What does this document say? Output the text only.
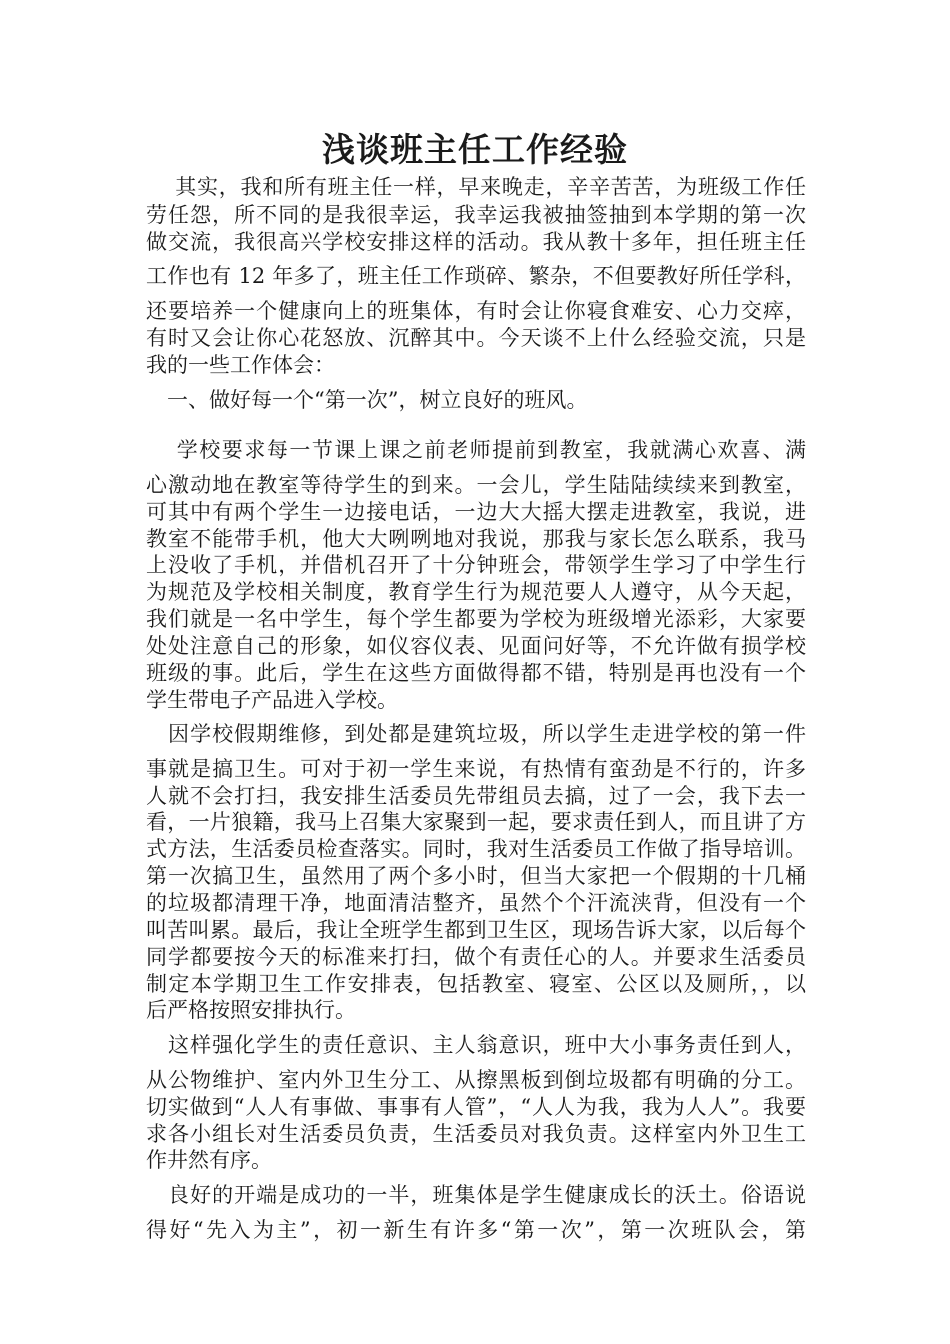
浅谈班主任工作经验
　 其实，我和所有班主任一样，早来晚走，辛辛苦苦，为班级工作任
劳任怨，所不同的是我很幸运，我幸运我被抽签抽到本学期的第一次
做交流，我很高兴学校安排这样的活动。我从教十多年，担任班主任
工作也有 12 年多了，班主任工作琐碎、繁杂，不但要教好所任学科，
还要培养一个健康向上的班集体，有时会让你寝食难安、心力交瘁，
有时又会让你心花怒放、沉醉其中。今天谈不上什么经验交流，只是
我的一些工作体会：
　一、做好每一个“第一次”，树立良好的班风。
　 学校要求每一节课上课之前老师提前到教室，我就满心欢喜、满
心激动地在教室等待学生的到来。一会儿，学生陆陆续续来到教室，
可其中有两个学生一边接电话，一边大大摇大摆走进教室，我说，进
教室不能带手机，他大大咧咧地对我说，那我与家长怎么联系，我马
上没收了手机，并借机召开了十分钟班会，带领学生学习了中学生行
为规范及学校相关制度，教育学生行为规范要人人遵守，从今天起，
我们就是一名中学生，每个学生都要为学校为班级增光添彩，大家要
处处注意自己的形象，如仪容仪表、见面问好等，不允许做有损学校
班级的事。此后，学生在这些方面做得都不错，特别是再也没有一个
学生带电子产品进入学校。
　因学校假期维修，到处都是建筑垃圾，所以学生走进学校的第一件
事就是搞卫生。可对于初一学生来说，有热情有蛮劲是不行的，许多
人就不会打扫，我安排生活委员先带组员去搞，过了一会，我下去一
看，一片狼籍，我马上召集大家聚到一起，要求责任到人，而且讲了方
式方法，生活委员检查落实。同时，我对生活委员工作做了指导培训。
第一次搞卫生，虽然用了两个多小时，但当大家把一个假期的十几桶
的垃圾都清理干净，地面清洁整齐，虽然个个汗流浃背，但没有一个
叫苦叫累。最后，我让全班学生都到卫生区，现场告诉大家，以后每个
同学都要按今天的标准来打扫，做个有责任心的人。并要求生活委员
制定本学期卫生工作安排表，包括教室、寝室、公区以及厕所，，以
后严格按照安排执行。
　这样强化学生的责任意识、主人翁意识，班中大小事务责任到人，
从公物维护、室内外卫生分工、从擦黑板到倒垃圾都有明确的分工。
切实做到“人人有事做、事事有人管”，“人人为我，我为人人”。我要
求各小组长对生活委员负责，生活委员对我负责。这样室内外卫生工
作井然有序。
　良好的开端是成功的一半，班集体是学生健康成长的沃土。俗语说
得好“先入为主”，初一新生有许多“第一次”，第一次班队会，第
